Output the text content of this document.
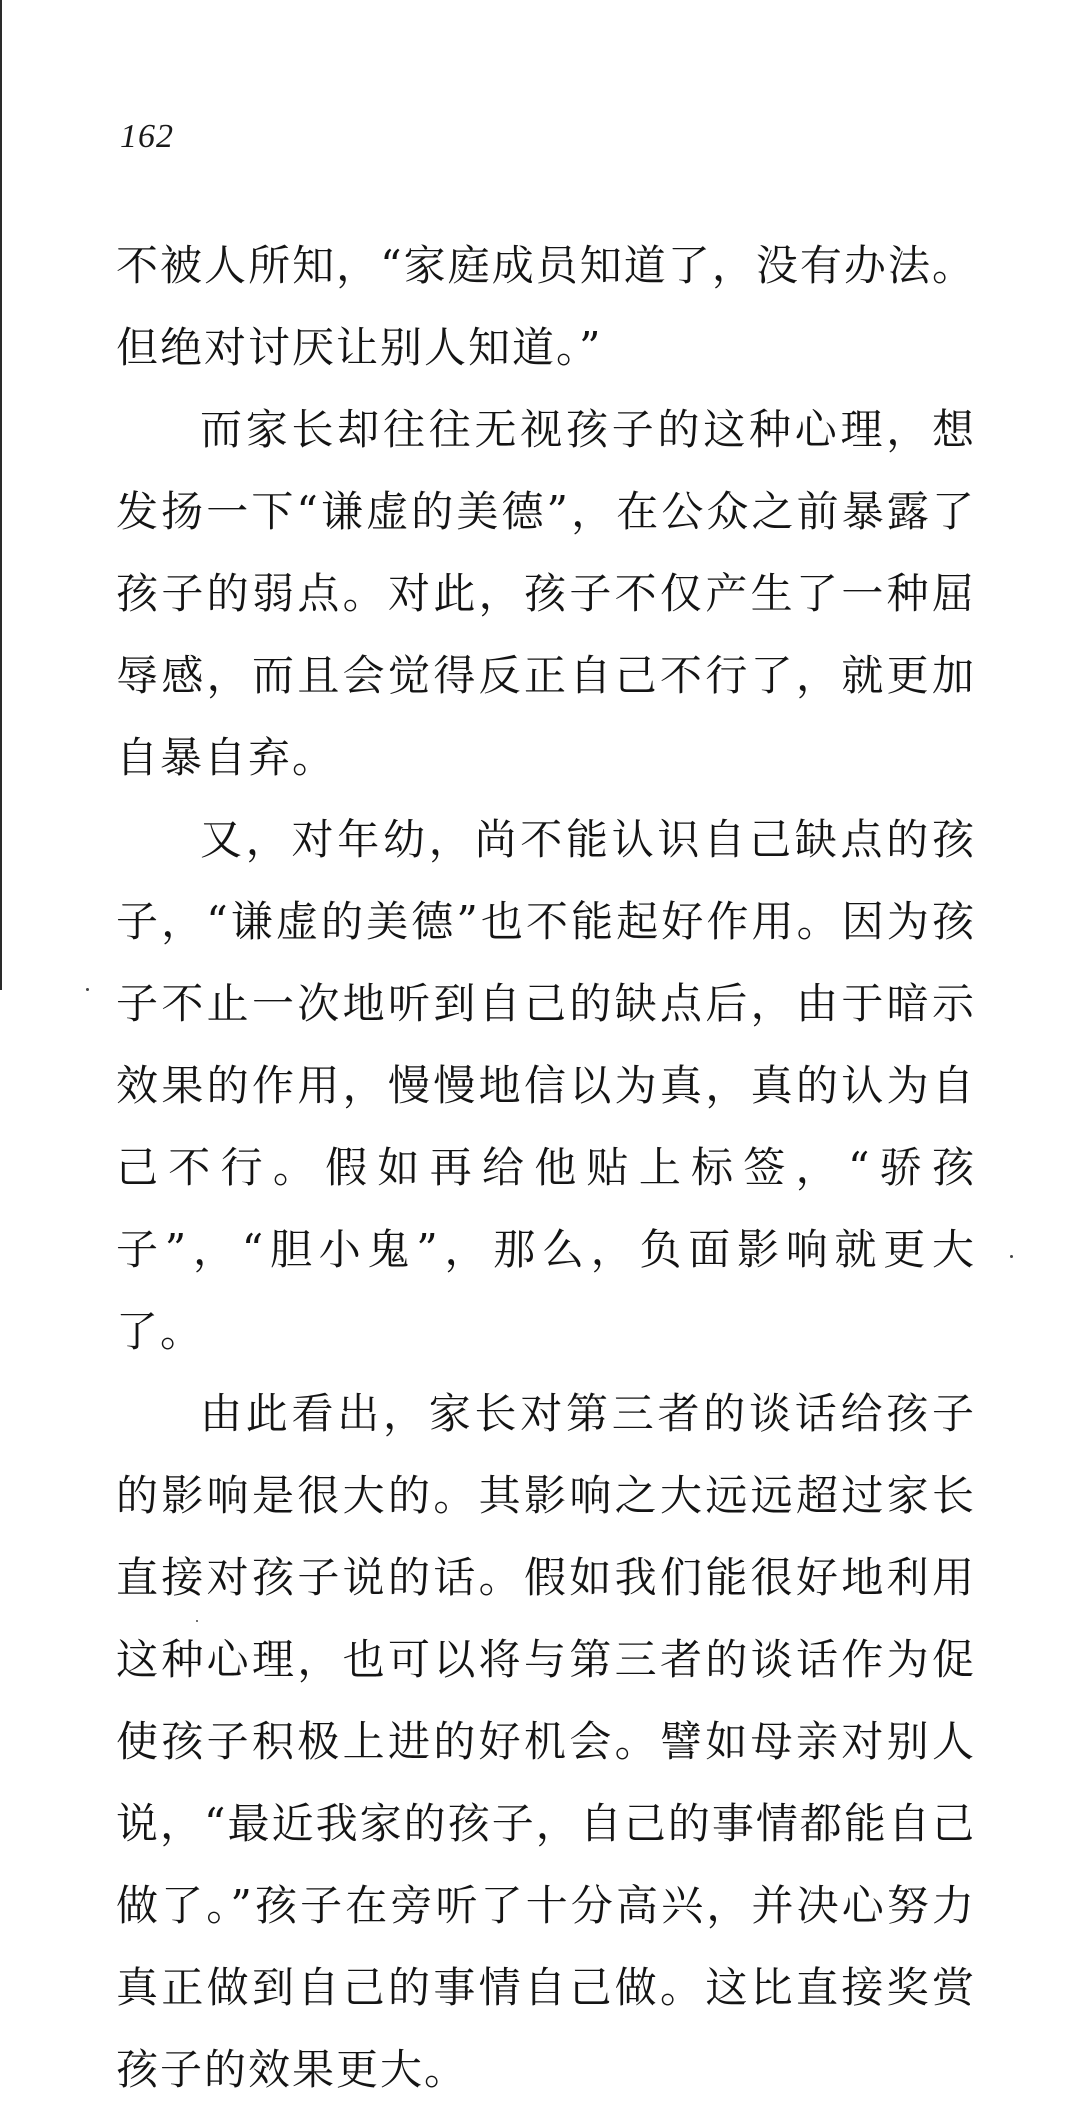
162

不被人所知，“家庭成员知道了，没有办法。但绝对讨厌让别人知道。”

而家长却往往无视孩子的这种心理，想发扬一下“谦虚的美德”，在公众之前暴露了孩子的弱点。对此，孩子不仅产生了一种屈辱感，而且会觉得反正自己不行了，就更加自暴自弃。

又，对年幼，尚不能认识自己缺点的孩子，“谦虚的美德”也不能起好作用。因为孩子不止一次地听到自己的缺点后，由于暗示效果的作用，慢慢地信以为真，真的认为自己不行。假如再给他贴上标签，“骄孩子”，“胆小鬼”，那么，负面影响就更大了。

由此看出，家长对第三者的谈话给孩子的影响是很大的。其影响之大远远超过家长直接对孩子说的话。假如我们能很好地利用这种心理，也可以将与第三者的谈话作为促使孩子积极上进的好机会。譬如母亲对别人说，“最近我家的孩子，自己的事情都能自己做了。”孩子在旁听了十分高兴，并决心努力真正做到自己的事情自己做。这比直接奖赏孩子的效果更大。
